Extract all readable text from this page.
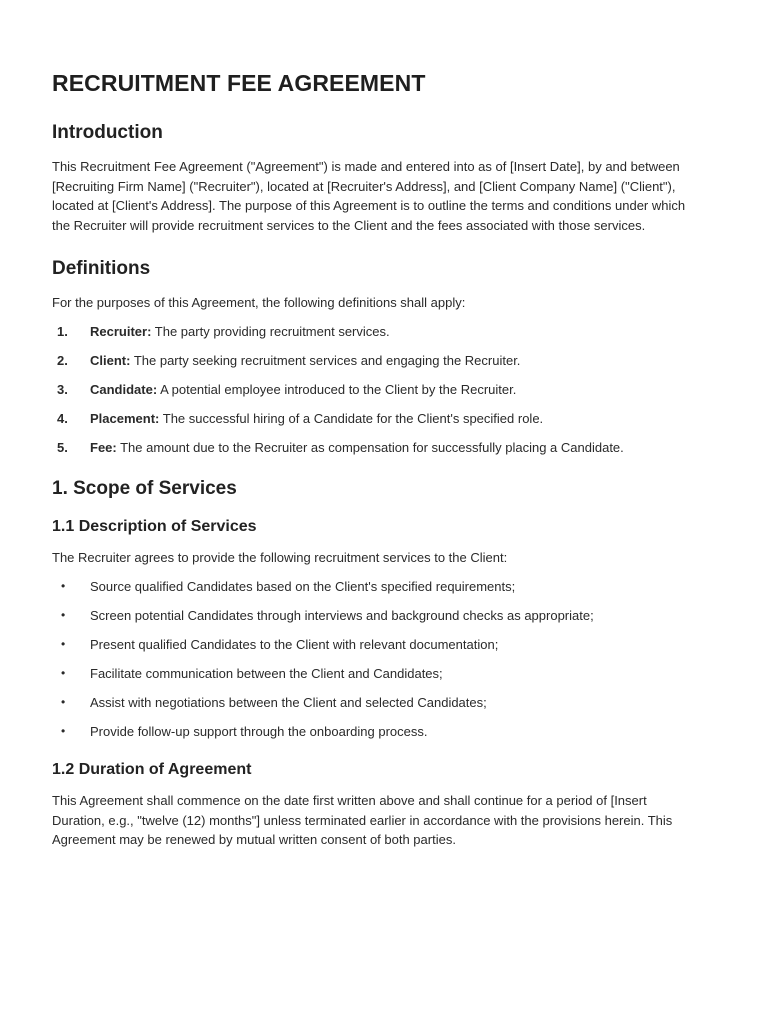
RECRUITMENT FEE AGREEMENT
Introduction

This Recruitment Fee Agreement ("Agreement") is made and entered into as of [Insert Date], by and between [Recruiting Firm Name] ("Recruiter"), located at [Recruiter's Address], and [Client Company Name] ("Client"), located at [Client's Address]. The purpose of this Agreement is to outline the terms and conditions under which the Recruiter will provide recruitment services to the Client and the fees associated with those services.

Definitions

For the purposes of this Agreement, the following definitions shall apply:

1. Recruiter: The party providing recruitment services.
2. Client: The party seeking recruitment services and engaging the Recruiter.
3. Candidate: A potential employee introduced to the Client by the Recruiter.
4. Placement: The successful hiring of a Candidate for the Client's specified role.
5. Fee: The amount due to the Recruiter as compensation for successfully placing a Candidate.
1. Scope of Services
1.1 Description of Services

The Recruiter agrees to provide the following recruitment services to the Client:

• Source qualified Candidates based on the Client's specified requirements;
• Screen potential Candidates through interviews and background checks as appropriate;
• Present qualified Candidates to the Client with relevant documentation;
• Facilitate communication between the Client and Candidates;
• Assist with negotiations between the Client and selected Candidates;
• Provide follow-up support through the onboarding process.
1.2 Duration of Agreement

This Agreement shall commence on the date first written above and shall continue for a period of [Insert Duration, e.g., "twelve (12) months"] unless terminated earlier in accordance with the provisions herein. This Agreement may be renewed by mutual written consent of both parties.
